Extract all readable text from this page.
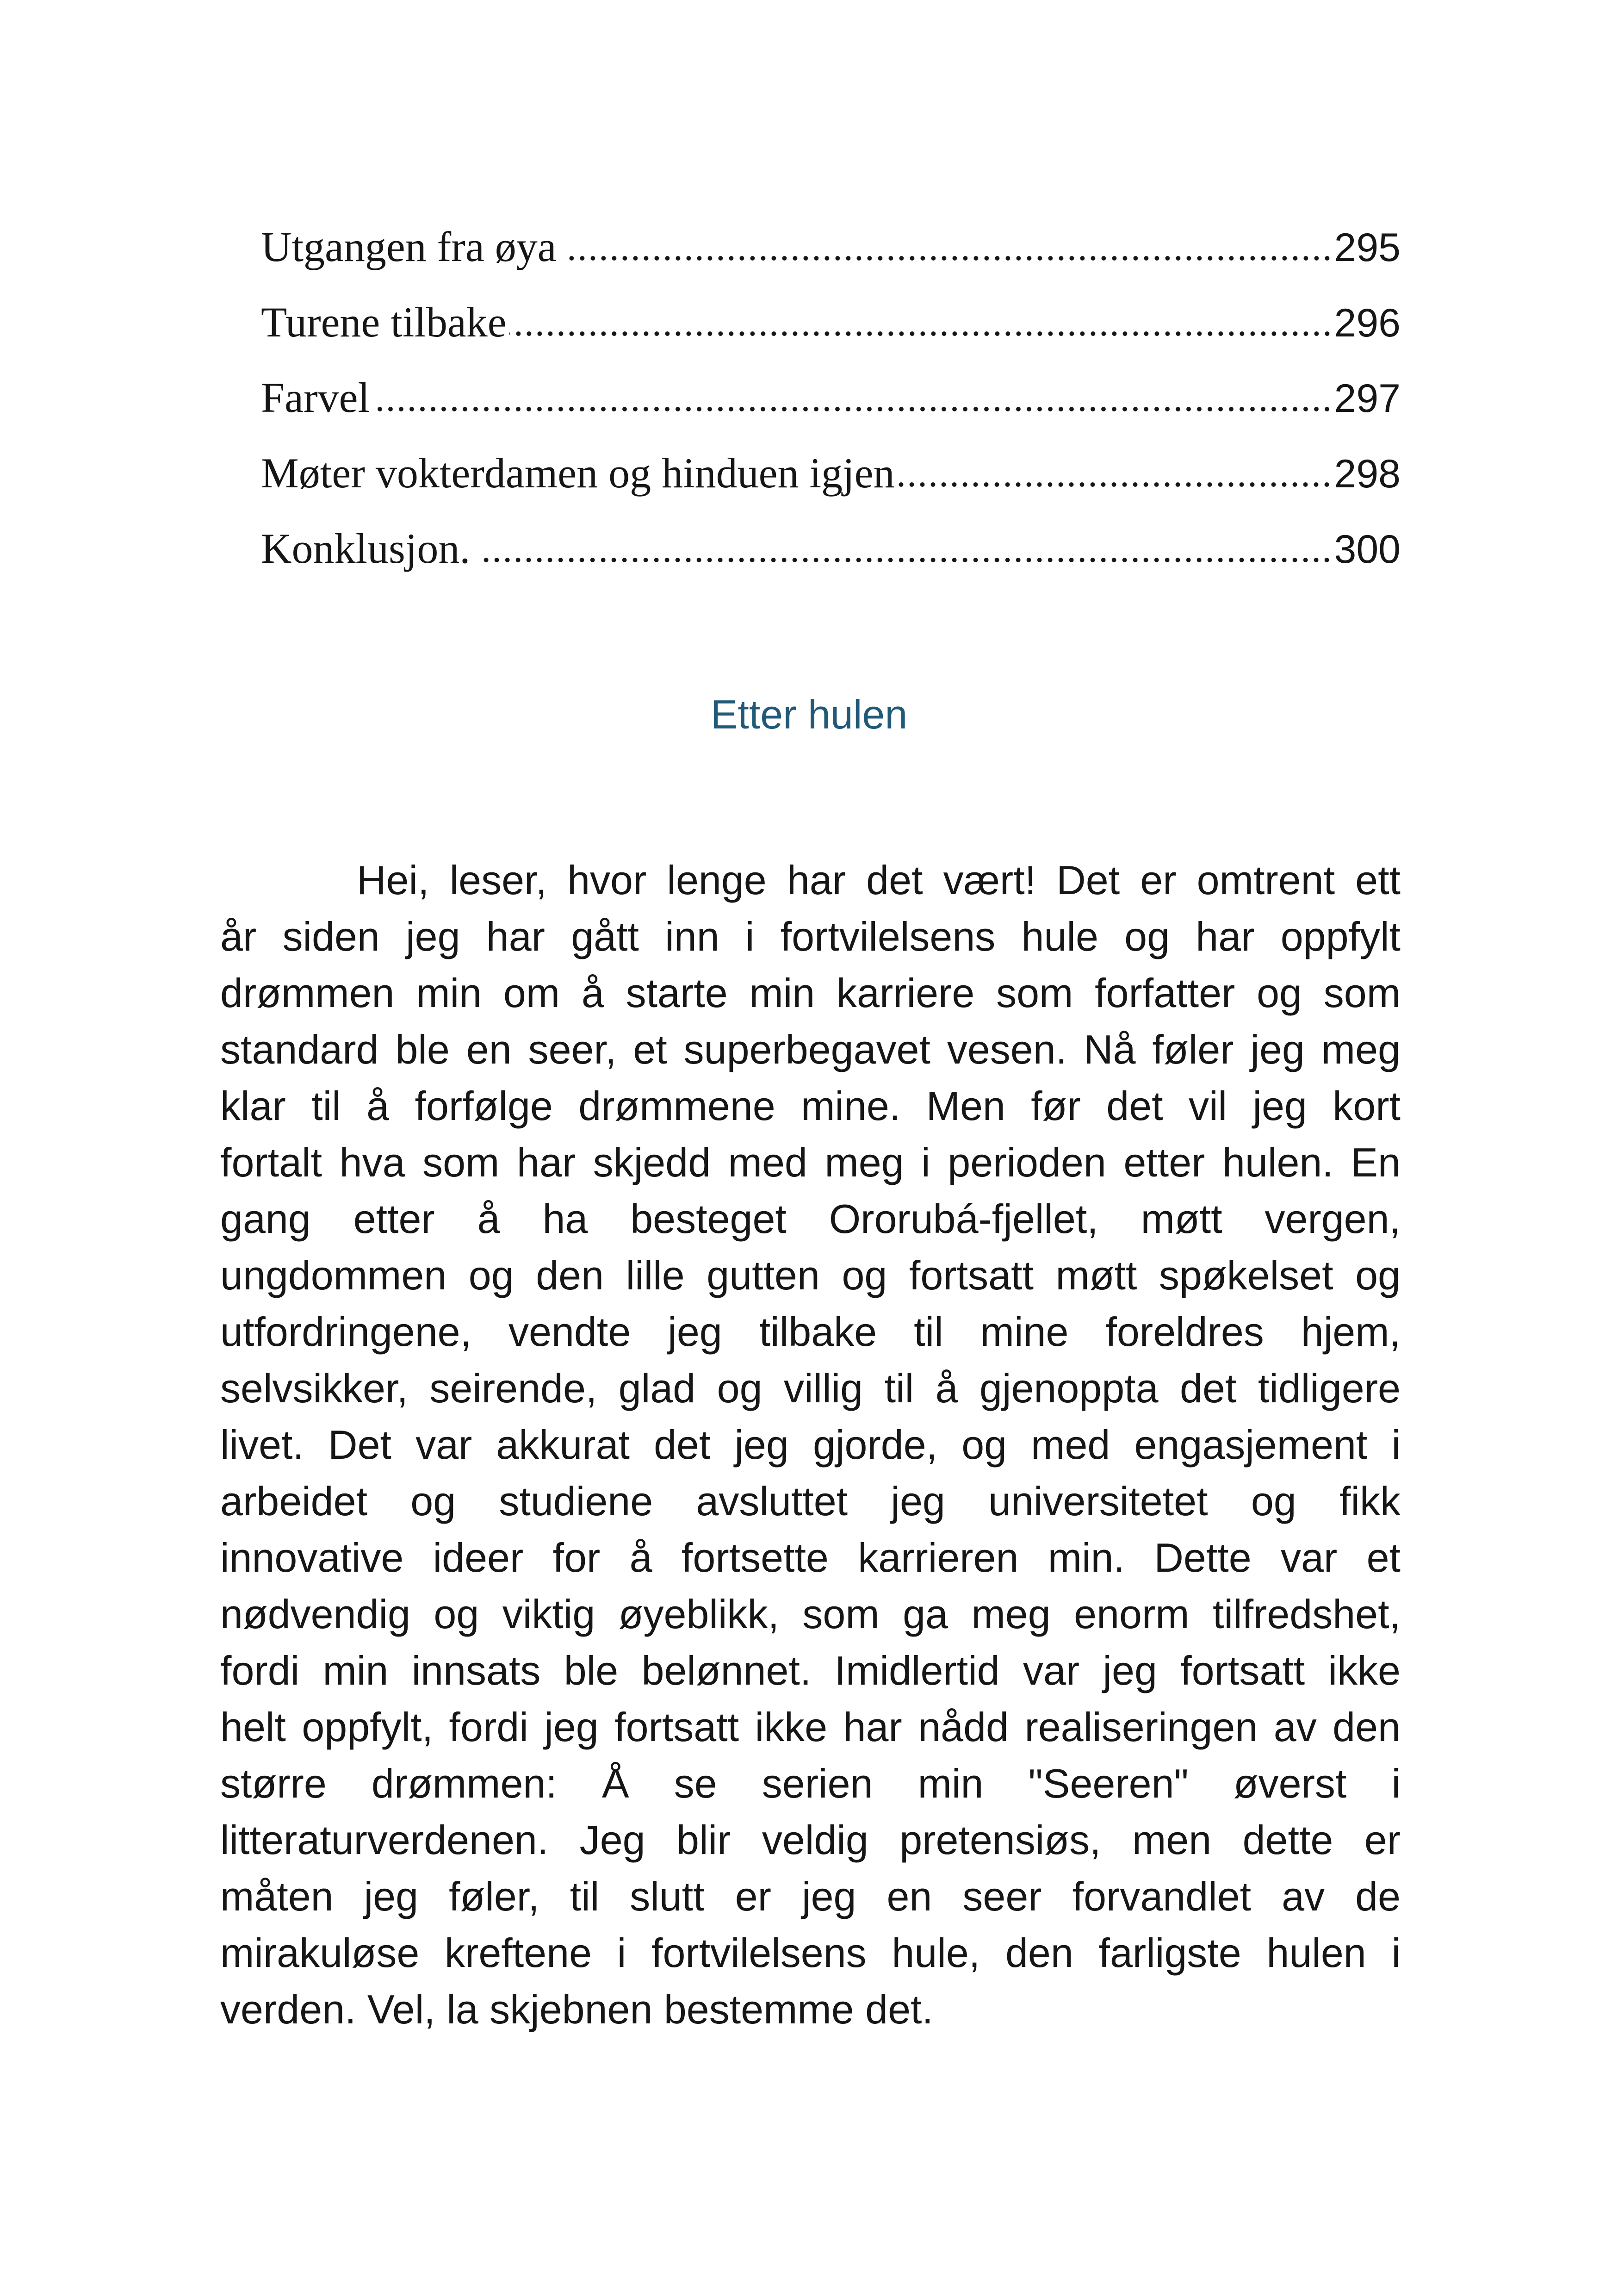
Utgangen fra øya	295
Turene tilbake	296
Farvel	297
Møter vokterdamen og hinduen igjen	298
Konklusjon.	300
Etter hulen
Hei, leser, hvor lenge har det vært! Det er omtrent ett
år siden jeg har gått inn i fortvilelsens hule og har oppfylt
drømmen min om å starte min karriere som forfatter og som
standard ble en seer, et superbegavet vesen. Nå føler jeg meg
klar til å forfølge drømmene mine. Men før det vil jeg kort
fortalt hva som har skjedd med meg i perioden etter hulen. En
gang etter å ha besteget Ororubá-fjellet, møtt vergen,
ungdommen og den lille gutten og fortsatt møtt spøkelset og
utfordringene, vendte jeg tilbake til mine foreldres hjem,
selvsikker, seirende, glad og villig til å gjenoppta det tidligere
livet. Det var akkurat det jeg gjorde, og med engasjement i
arbeidet og studiene avsluttet jeg universitetet og fikk
innovative ideer for å fortsette karrieren min. Dette var et
nødvendig og viktig øyeblikk, som ga meg enorm tilfredshet,
fordi min innsats ble belønnet. Imidlertid var jeg fortsatt ikke
helt oppfylt, fordi jeg fortsatt ikke har nådd realiseringen av den
større drømmen: Å se serien min "Seeren" øverst i
litteraturverdenen. Jeg blir veldig pretensiøs, men dette er
måten jeg føler, til slutt er jeg en seer forvandlet av de
mirakuløse kreftene i fortvilelsens hule, den farligste hulen i
verden. Vel, la skjebnen bestemme det.
